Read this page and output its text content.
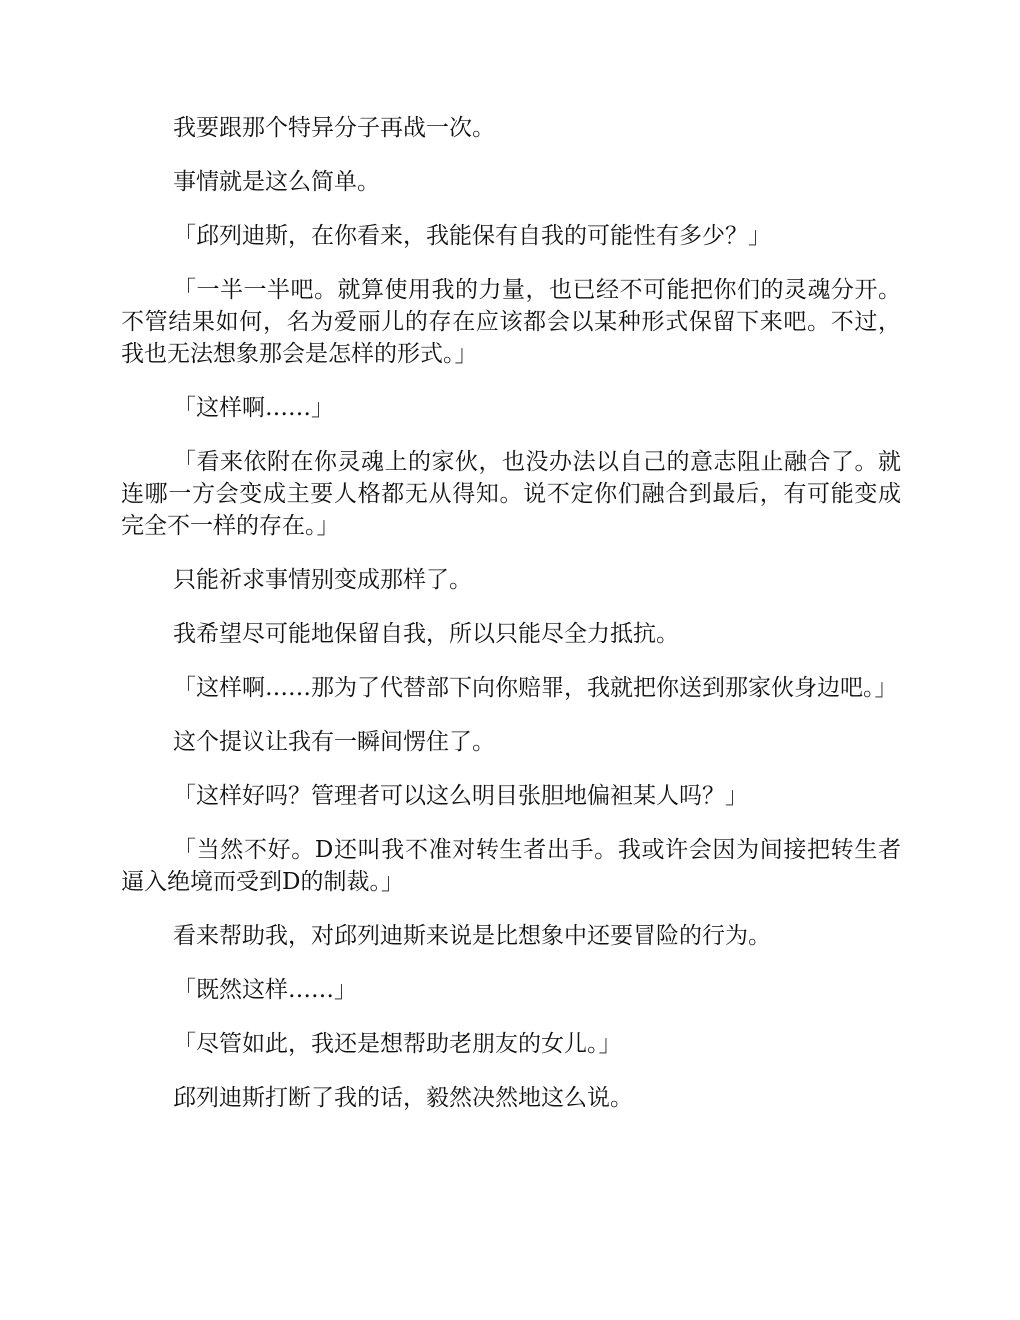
我要跟那个特异分子再战一次。

事情就是这么简单。

「邱列迪斯，在你看来，我能保有自我的可能性有多少？」

「一半一半吧。就算使用我的力量，也已经不可能把你们的灵魂分开。不管结果如何，名为爱丽儿的存在应该都会以某种形式保留下来吧。不过，我也无法想象那会是怎样的形式。」

「这样啊……」

「看来依附在你灵魂上的家伙，也没办法以自己的意志阻止融合了。就连哪一方会变成主要人格都无从得知。说不定你们融合到最后，有可能变成完全不一样的存在。」

只能祈求事情别变成那样了。

我希望尽可能地保留自我，所以只能尽全力抵抗。

「这样啊……那为了代替部下向你赔罪，我就把你送到那家伙身边吧。」

这个提议让我有一瞬间愣住了。

「这样好吗？管理者可以这么明目张胆地偏袒某人吗？」

「当然不好。D还叫我不准对转生者出手。我或许会因为间接把转生者逼入绝境而受到D的制裁。」

看来帮助我，对邱列迪斯来说是比想象中还要冒险的行为。

「既然这样……」

「尽管如此，我还是想帮助老朋友的女儿。」

邱列迪斯打断了我的话，毅然决然地这么说。
